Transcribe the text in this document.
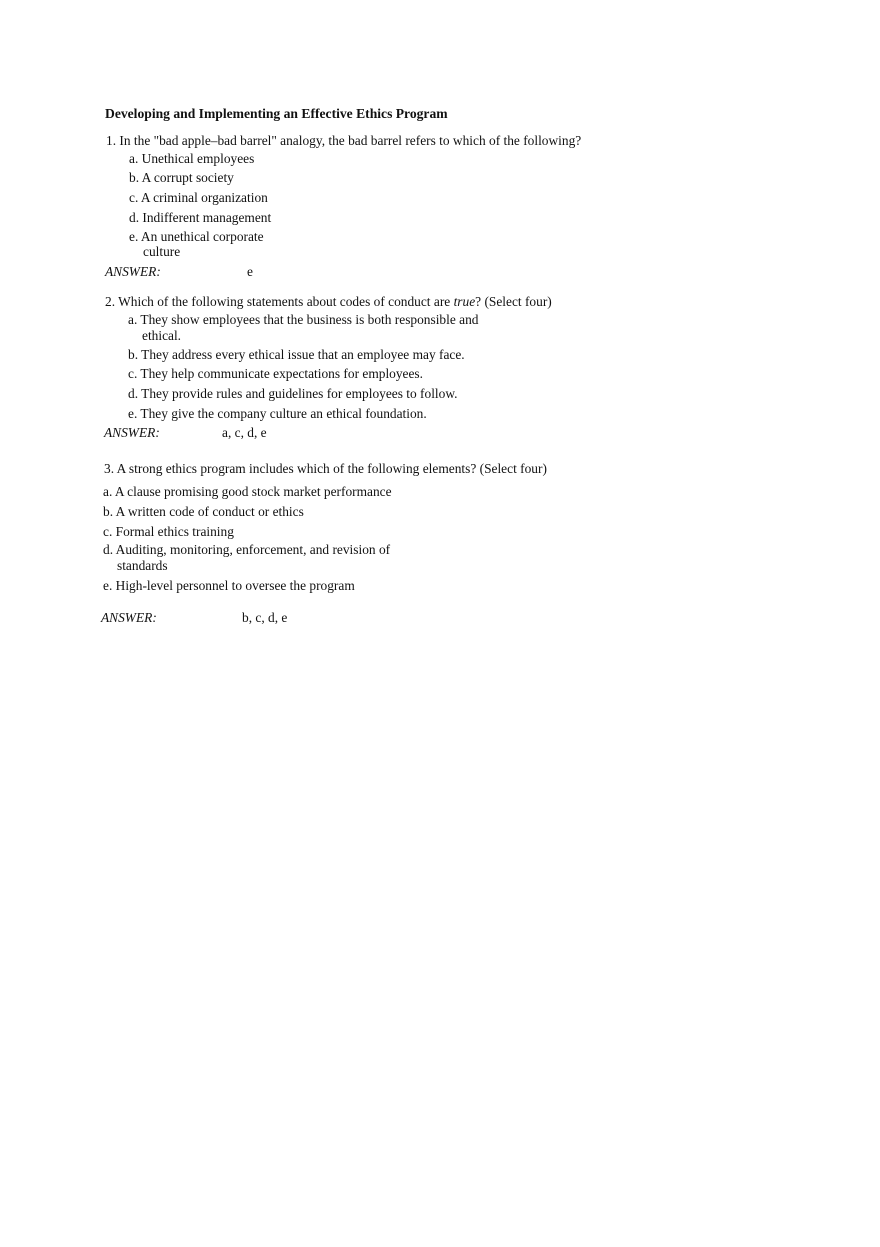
Developing and Implementing an Effective Ethics Program
1. In the "bad apple–bad barrel" analogy, the bad barrel refers to which of the following?
a. Unethical employees
b. A corrupt society
c. A criminal organization
d. Indifferent management
e. An unethical corporate
culture
ANSWER:	e
2. Which of the following statements about codes of conduct are true? (Select four)
a. They show employees that the business is both responsible and
ethical.
b. They address every ethical issue that an employee may face.
c. They help communicate expectations for employees.
d. They provide rules and guidelines for employees to follow.
e. They give the company culture an ethical foundation.
ANSWER:	a, c, d, e
3. A strong ethics program includes which of the following elements? (Select four)
a. A clause promising good stock market performance
b. A written code of conduct or ethics
c. Formal ethics training
d. Auditing, monitoring, enforcement, and revision of
standards
e. High-level personnel to oversee the program
ANSWER:	b, c, d, e
